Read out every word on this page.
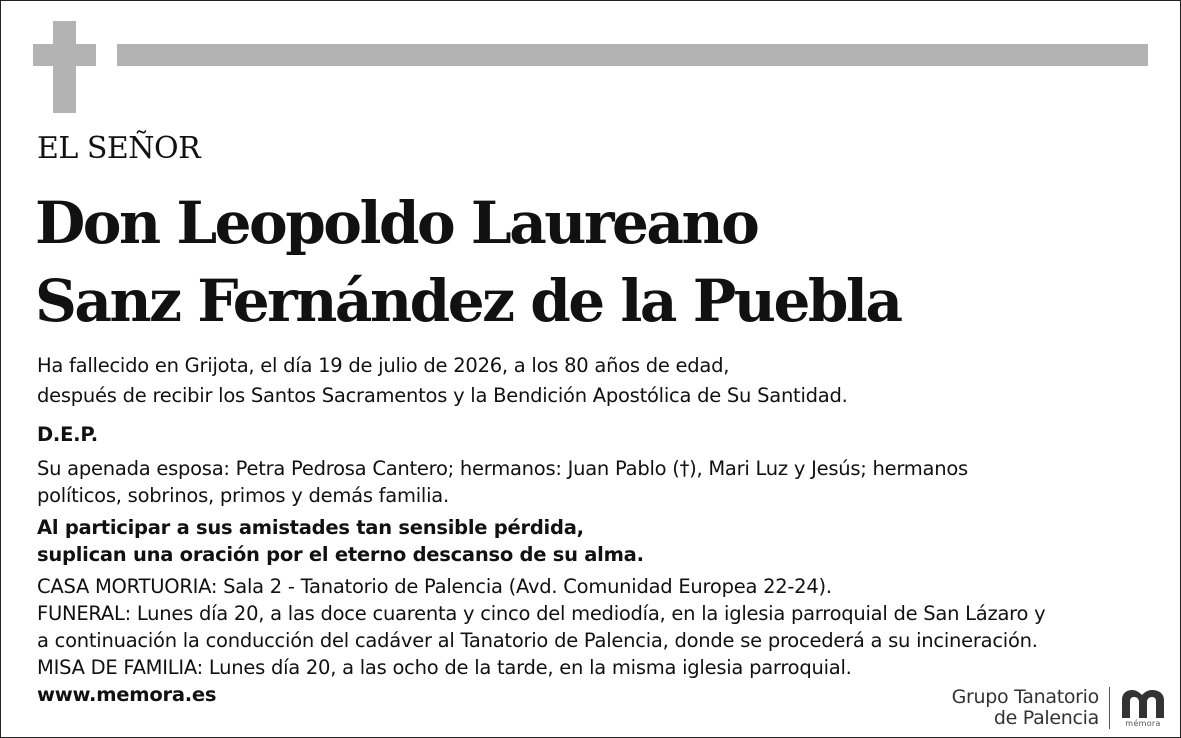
EL SEÑOR
Don Leopoldo Laureano
Sanz Fernández de la Puebla
Ha fallecido en Grijota, el día 19 de julio de 2026, a los 80 años de edad,
después de recibir los Santos Sacramentos y la Bendición Apostólica de Su Santidad.
D.E.P.
Su apenada esposa: Petra Pedrosa Cantero; hermanos: Juan Pablo (†), Mari Luz y Jesús; hermanos
políticos, sobrinos, primos y demás familia.
Al participar a sus amistades tan sensible pérdida,
suplican una oración por el eterno descanso de su alma.
CASA MORTUORIA: Sala 2 - Tanatorio de Palencia (Avd. Comunidad Europea 22-24).
FUNERAL: Lunes día 20, a las doce cuarenta y cinco del mediodía, en la iglesia parroquial de San Lázaro y
a continuación la conducción del cadáver al Tanatorio de Palencia, donde se procederá a su incineración.
MISA DE FAMILIA: Lunes día 20, a las ocho de la tarde, en la misma iglesia parroquial.
www.memora.es	Grupo Tanatorio
de Palencia	mémora
